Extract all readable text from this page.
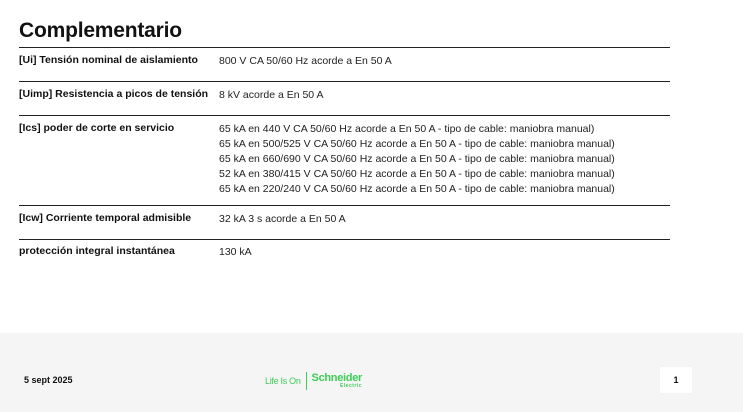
Complementario
[Ui] Tensión nominal de aislamiento	800 V CA 50/60 Hz acorde a En 50 A
[Uimp] Resistencia a picos de tensión	8 kV acorde a En 50 A
[Ics] poder de corte en servicio	65 kA en 440 V CA 50/60 Hz acorde a En 50 A - tipo de cable: maniobra manual)
65 kA en 500/525 V CA 50/60 Hz acorde a En 50 A - tipo de cable: maniobra manual)
65 kA en 660/690 V CA 50/60 Hz acorde a En 50 A - tipo de cable: maniobra manual)
52 kA en 380/415 V CA 50/60 Hz acorde a En 50 A - tipo de cable: maniobra manual)
65 kA en 220/240 V CA 50/60 Hz acorde a En 50 A - tipo de cable: maniobra manual)
[Icw] Corriente temporal admisible	32 kA 3 s acorde a En 50 A
protección integral instantánea	130 kA
5 sept 2025	Life Is On Schneider
Electric
1
